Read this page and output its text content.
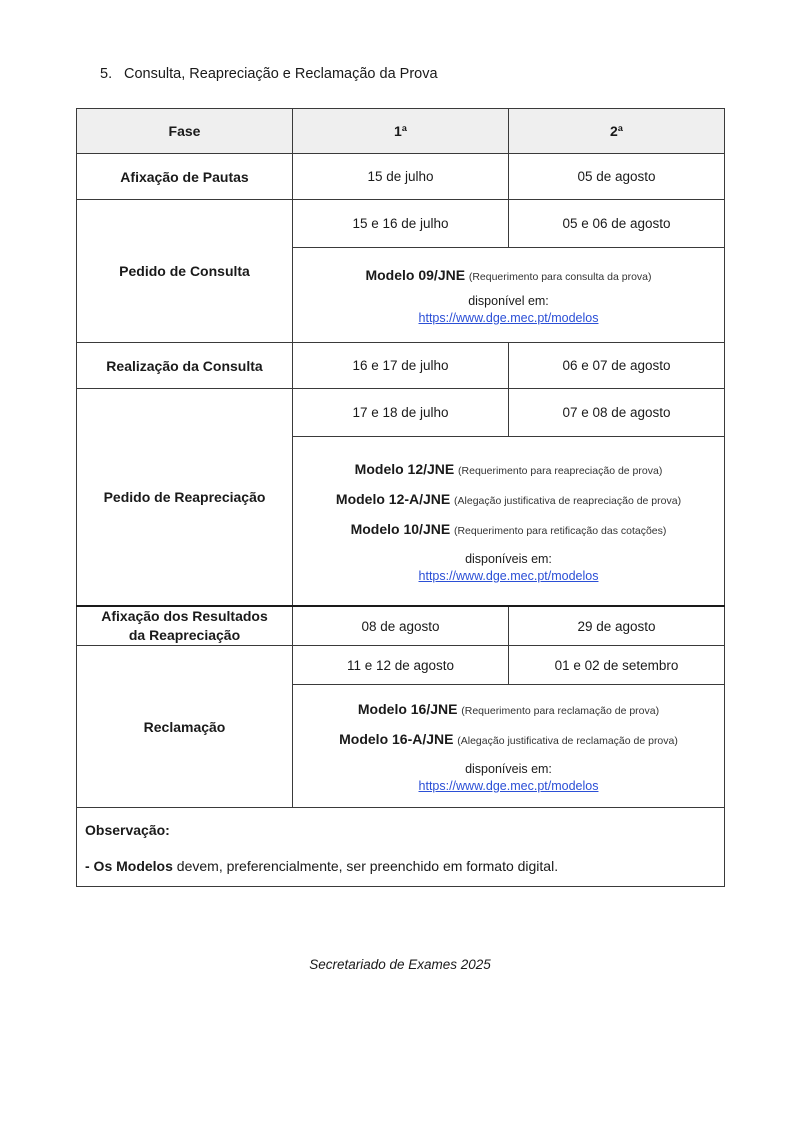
5. Consulta, Reapreciação e Reclamação da Prova
Fase	1ª	2ª
Afixação de Pautas	15 de julho	05 de agosto
Pedido de Consulta	15 e 16 de julho	05 e 06 de agosto

	Modelo 09/JNE (Requerimento para consulta da prova)
disponível em:
https://www.dge.mec.pt/modelos	

Realização da Consulta	16 e 17 de julho	06 e 07 de agosto
Pedido de Reapreciação	17 e 18 de julho	07 e 08 de agosto

	Modelo 12/JNE (Requerimento para reapreciação de prova)
Modelo 12-A/JNE (Alegação justificativa de reapreciação de prova)
Modelo 10/JNE (Requerimento para retificação das cotações)
disponíveis em:
https://www.dge.mec.pt/modelos	

Afixação dos Resultados
da Reapreciação	08 de agosto	29 de agosto
Reclamação	11 e 12 de agosto	01 e 02 de setembro

	Modelo 16/JNE (Requerimento para reclamação de prova)
Modelo 16-A/JNE (Alegação justificativa de reclamação de prova)
disponíveis em:
https://www.dge.mec.pt/modelos	

Observação:
- Os Modelos devem, preferencialmente, ser preenchido em formato digital.		
Secretariado de Exames 2025
